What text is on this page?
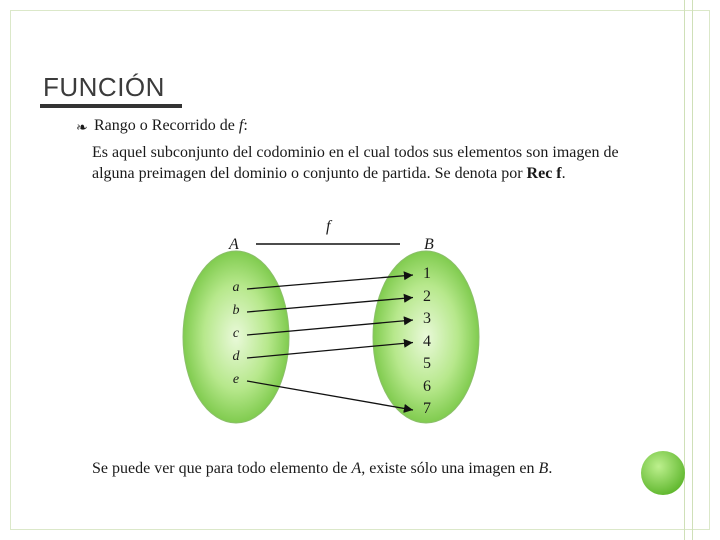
FUNCIÓN
❧ Rango o Recorrido de f:
Es aquel subconjunto del codominio en el cual todos sus elementos son imagen de alguna preimagen del dominio o conjunto de partida. Se denota por Rec f.
A	B
f
a
b
c
d
e
1
2
3
4
5
6
7
Se puede ver que para todo elemento de A, existe sólo una imagen en B.
